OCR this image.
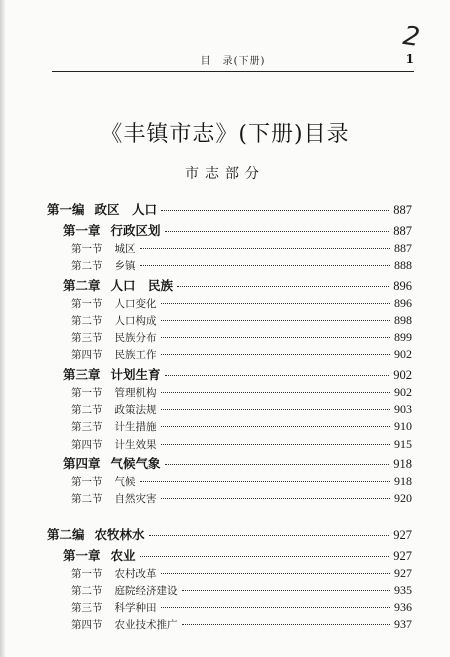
2
目　录(下册)	1
《丰镇市志》(下册)目录
市志部分
第一编 政区　人口	887
第一章 行政区划	887
第一节 城区	887
第二节 乡镇	888
第二章 人口　民族	896
第一节 人口变化	896
第二节 人口构成	898
第三节 民族分布	899
第四节 民族工作	902
第三章 计划生育	902
第一节 管理机构	902
第二节 政策法规	903
第三节 计生措施	910
第四节 计生效果	915
第四章 气候气象	918
第一节 气候	918
第二节 自然灾害	920
第二编 农牧林水	927
第一章 农业	927
第一节 农村改革	927
第二节 庭院经济建设	935
第三节 科学种田	936
第四节 农业技术推广	937
